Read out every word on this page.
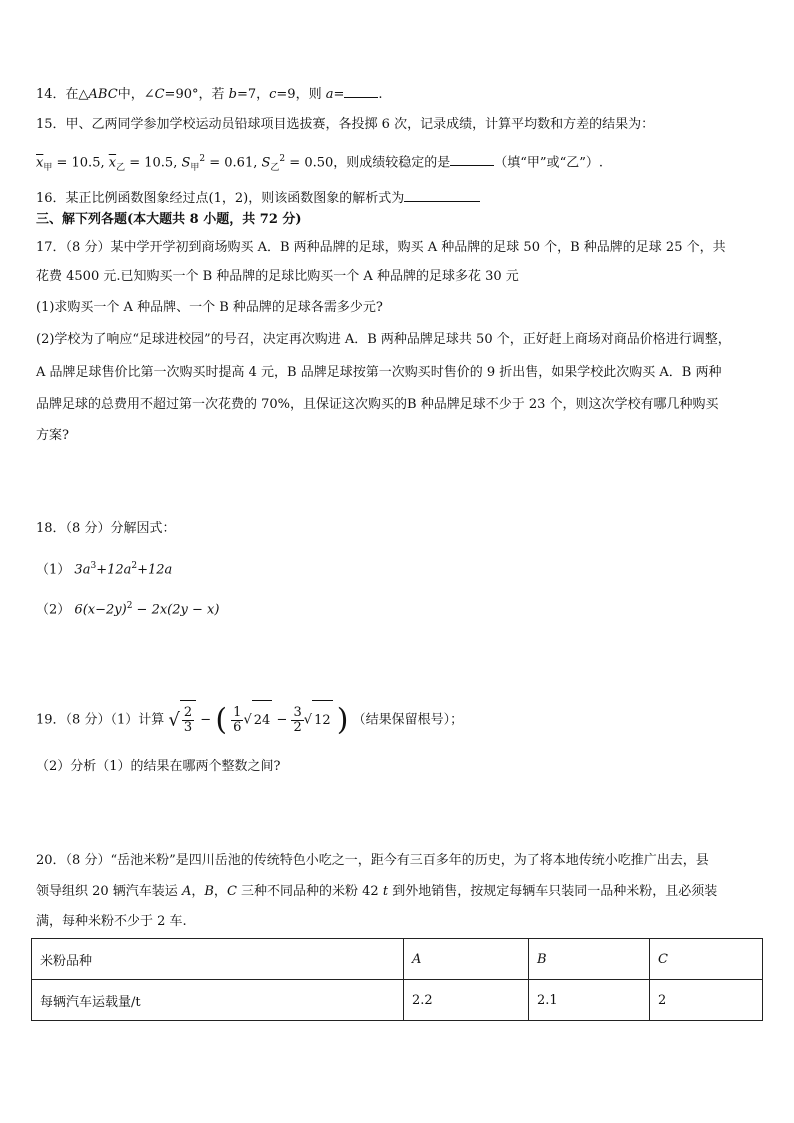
14．在△ABC中，∠C=90°，若 b=7，c=9，则 a=	.
15．甲、乙两同学参加学校运动员铅球项目选拔赛，各投掷 6 次，记录成绩，计算平均数和方差的结果为：
$\overline{x}_甲 = 10.5$, $\overline{x}_乙 = 10.5$, $S_甲^2 = 0.61$, $S_乙^2 = 0.50$，则成绩较稳定的是	（填“甲”或“乙”）.
16．某正比例函数图象经过点(1，2)，则该函数图象的解析式为
三、解下列各题(本大题共 8 小题，共 72 分)
17．（8 分）某中学开学初到商场购买 A．B 两种品牌的足球，购买 A 种品牌的足球 50 个，B 种品牌的足球 25 个，共
花费 4500 元.已知购买一个 B 种品牌的足球比购买一个 A 种品牌的足球多花 30 元
(1)求购买一个 A 种品牌、一个 B 种品牌的足球各需多少元?
(2)学校为了响应“足球进校园”的号召，决定再次购进 A．B 两种品牌足球共 50 个，正好赶上商场对商品价格进行调整，
A 品牌足球售价比第一次购买时提高 4 元，B 品牌足球按第一次购买时售价的 9 折出售，如果学校此次购买 A．B 两种
品牌足球的总费用不超过第一次花费的 70%，且保证这次购买的B 种品牌足球不少于 23 个，则这次学校有哪几种购买
方案?
18．（8 分）分解因式：
（1） $3a^3+12a^2+12a$
（2） $6(x-2y)^2 - 2x(2y - x)$
19．（8 分）（1）计算 √ $\frac{2}{3}$ − ( $\frac{1}{6}$ √ $24 - \frac{3}{2}$ √ 12 ) （结果保留根号）；
（2）分析（1）的结果在哪两个整数之间?
20．（8 分）“岳池米粉”是四川岳池的传统特色小吃之一，距今有三百多年的历史，为了将本地传统小吃推广出去，县
领导组织 20 辆汽车装运 A，B，C 三种不同品种的米粉 42 t 到外地销售，按规定每辆车只装同一品种米粉，且必须装
满，每种米粉不少于 2 车.
米粉品种	A	B	C
每辆汽车运载量/t	2.2	2.1	2
